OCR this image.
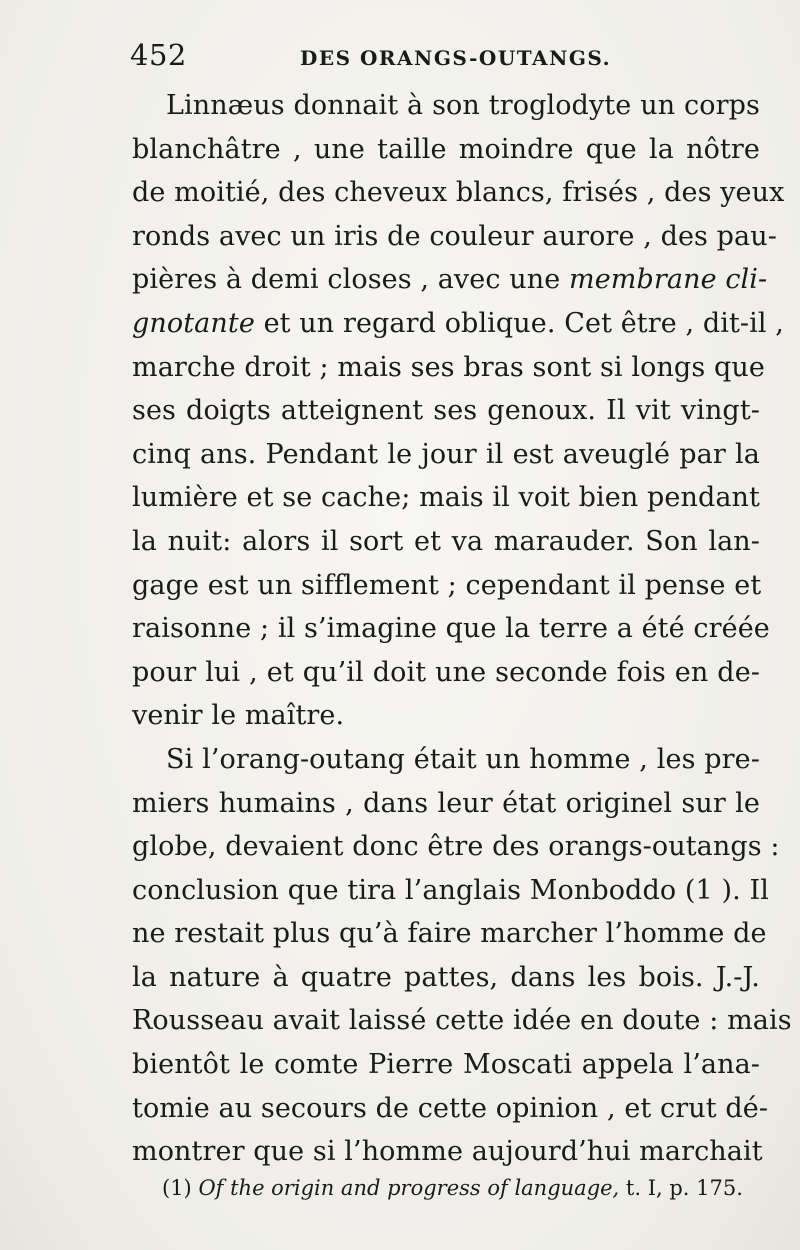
452	DES ORANGS-OUTANGS.
Linnæus donnait à son troglodyte un corps
blanchâtre , une taille moindre que la nôtre
de moitié, des cheveux blancs, frisés , des yeux
ronds avec un iris de couleur aurore , des pau-
pières à demi closes , avec une membrane cli-
gnotante et un regard oblique. Cet être , dit-il ,
marche droit ; mais ses bras sont si longs que
ses doigts atteignent ses genoux. Il vit vingt-
cinq ans. Pendant le jour il est aveuglé par la
lumière et se cache; mais il voit bien pendant
la nuit: alors il sort et va marauder. Son lan-
gage est un sifflement ; cependant il pense et
raisonne ; il s’imagine que la terre a été créée
pour lui , et qu’il doit une seconde fois en de-
venir le maître.
Si l’orang-outang était un homme , les pre-
miers humains , dans leur état originel sur le
globe, devaient donc être des orangs-outangs :
conclusion que tira l’anglais Monboddo (1 ). Il
ne restait plus qu’à faire marcher l’homme de
la nature à quatre pattes, dans les bois. J.-J.
Rousseau avait laissé cette idée en doute : mais
bientôt le comte Pierre Moscati appela l’ana-
tomie au secours de cette opinion , et crut dé-
montrer que si l’homme aujourd’hui marchait
(1) Of the origin and progress of language, t. I, p. 175.
